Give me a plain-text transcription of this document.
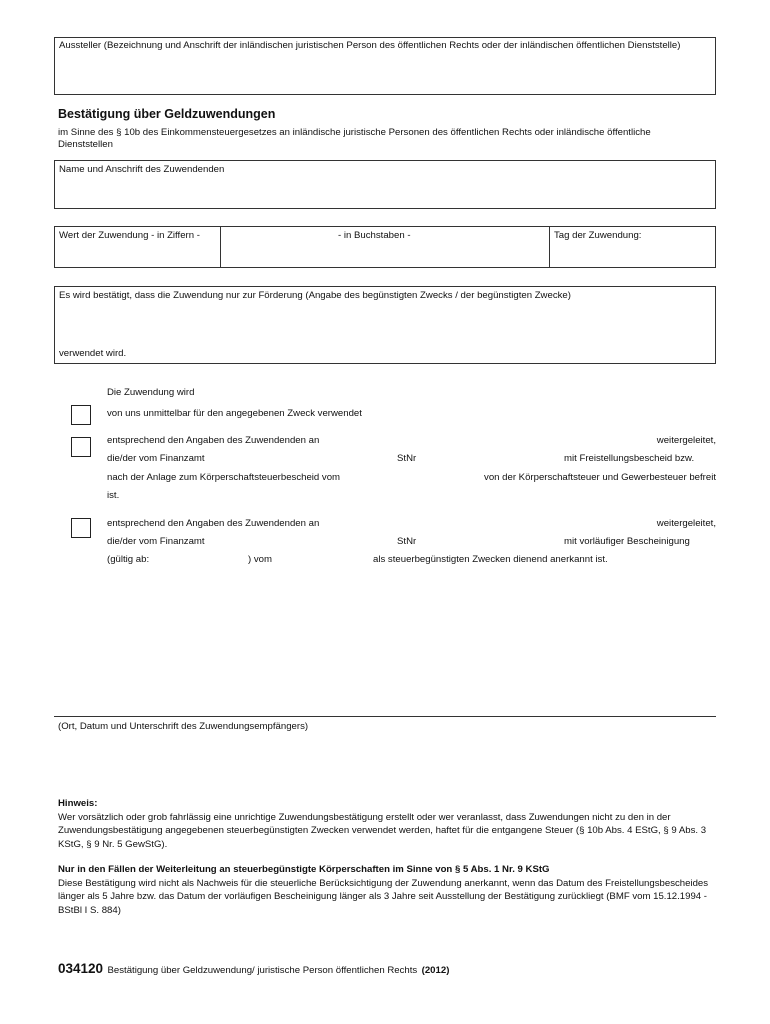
Aussteller (Bezeichnung und Anschrift der inländischen juristischen Person des öffentlichen Rechts oder der inländischen öffentlichen Dienststelle)
Bestätigung über Geldzuwendungen
im Sinne des § 10b des Einkommensteuergesetzes an inländische juristische Personen des öffentlichen Rechts oder inländische öffentliche Dienststellen
Name und Anschrift des Zuwendenden
Wert der Zuwendung - in Ziffern -	- in Buchstaben -	Tag der Zuwendung:
Es wird bestätigt, dass die Zuwendung nur zur Förderung (Angabe des begünstigten Zwecks / der begünstigten Zwecke)
verwendet wird.
Die Zuwendung wird
von uns unmittelbar für den angegebenen Zweck verwendet
entsprechend den Angaben des Zuwendenden an	weitergeleitet,
die/der vom Finanzamt	StNr	mit Freistellungsbescheid bzw.
nach der Anlage zum Körperschaftsteuerbescheid vom	von der Körperschaftsteuer und Gewerbesteuer befreit
ist.
entsprechend den Angaben des Zuwendenden an	weitergeleitet,
die/der vom Finanzamt	StNr	mit vorläufiger Bescheinigung
(gültig ab:	) vom	als steuerbegünstigten Zwecken dienend anerkannt ist.
(Ort, Datum und Unterschrift des Zuwendungsempfängers)
Hinweis:
Wer vorsätzlich oder grob fahrlässig eine unrichtige Zuwendungsbestätigung erstellt oder wer veranlasst, dass Zuwendungen nicht zu den in der Zuwendungsbestätigung angegebenen steuerbegünstigten Zwecken verwendet werden, haftet für die entgangene Steuer (§ 10b Abs. 4 EStG, § 9 Abs. 3 KStG, § 9 Nr. 5 GewStG).
Nur in den Fällen der Weiterleitung an steuerbegünstigte Körperschaften im Sinne von § 5 Abs. 1 Nr. 9 KStG
Diese Bestätigung wird nicht als Nachweis für die steuerliche Berücksichtigung der Zuwendung anerkannt, wenn das Datum des Freistellungsbescheides länger als 5 Jahre bzw. das Datum der vorläufigen Bescheinigung länger als 3 Jahre seit Ausstellung der Bestätigung zurückliegt (BMF vom 15.12.1994 - BStBl I S. 884)
034120 Bestätigung über Geldzuwendung/ juristische Person öffentlichen Rechts (2012)
